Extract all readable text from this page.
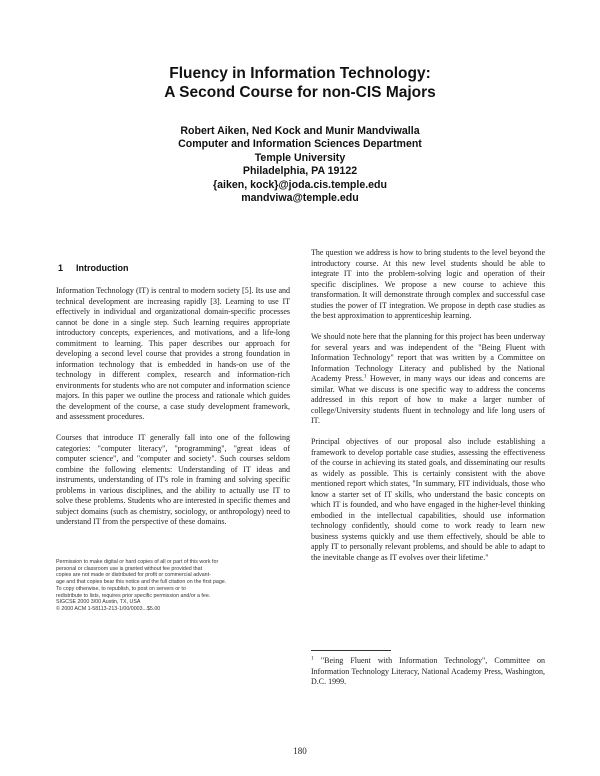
Fluency in Information Technology:
A Second Course for non-CIS Majors
Robert Aiken, Ned Kock and Munir Mandviwalla
Computer and Information Sciences Department
Temple University
Philadelphia, PA 19122
{aiken, kock}@joda.cis.temple.edu
mandviwa@temple.edu
1 Introduction

Information Technology (IT) is central to modern society [5]. Its use and technical development are increasing rapidly [3]. Learning to use IT effectively in individual and organizational domain-specific processes cannot be done in a single step. Such learning requires appropriate introductory concepts, experiences, and motivations, and a life-long commitment to learning. This paper describes our approach for developing a second level course that provides a strong foundation in information technology that is embedded in hands-on use of the technology in different complex, research and information-rich environments for students who are not computer and information science majors. In this paper we outline the process and rationale which guides the development of the course, a case study development framework, and assessment procedures.

Courses that introduce IT generally fall into one of the following categories: "computer literacy", "programming", "great ideas of computer science", and "computer and society". Such courses seldom combine the following elements: Understanding of IT ideas and instruments, understanding of IT's role in framing and solving specific problems in various disciplines, and the ability to actually use IT to solve these problems. Students who are interested in specific themes and subject domains (such as chemistry, sociology, or anthropology) need to understand IT from the perspective of these domains.

Permission to make digital or hard copies of all or part of this work for
personal or classroom use is granted without fee provided that
copies are not made or distributed for profit or commercial advant-
age and that copies bear this notice and the full citation on the first page.
To copy otherwise, to republish, to post on servers or to
redistribute to lists, requires prior specific permission and/or a fee.
SIGCSE 2000 3/00 Austin, TX, USA
© 2000 ACM 1-58113-213-1/00/0003...$5.00

The question we address is how to bring students to the level beyond the introductory course. At this new level students should be able to integrate IT into the problem-solving logic and operation of their specific disciplines. We propose a new course to achieve this transformation. It will demonstrate through complex and successful case studies the power of IT integration. We propose in depth case studies as the best approximation to apprenticeship learning.

We should note here that the planning for this project has been underway for several years and was independent of the "Being Fluent with Information Technology" report that was written by a Committee on Information Technology Literacy and published by the National Academy Press.$^1$ However, in many ways our ideas and concerns are similar. What we discuss is one specific way to address the concerns addressed in this report of how to make a larger number of college/University students fluent in technology and life long users of IT.

Principal objectives of our proposal also include establishing a framework to develop portable case studies, assessing the effectiveness of the course in achieving its stated goals, and disseminating our results as widely as possible. This is certainly consistent with the above mentioned report which states, "In summary, FIT individuals, those who know a starter set of IT skills, who understand the basic concepts on which IT is founded, and who have engaged in the higher-level thinking embodied in the intellectual capabilities, should use information technology confidently, should come to work ready to learn new business systems quickly and use them effectively, should be able to apply IT to personally relevant problems, and should be able to adapt to the inevitable change as IT evolves over their lifetime."

$^1$ "Being Fluent with Information Technology", Committee on Information Technology Literacy, National Academy Press, Washington, D.C. 1999.
180
